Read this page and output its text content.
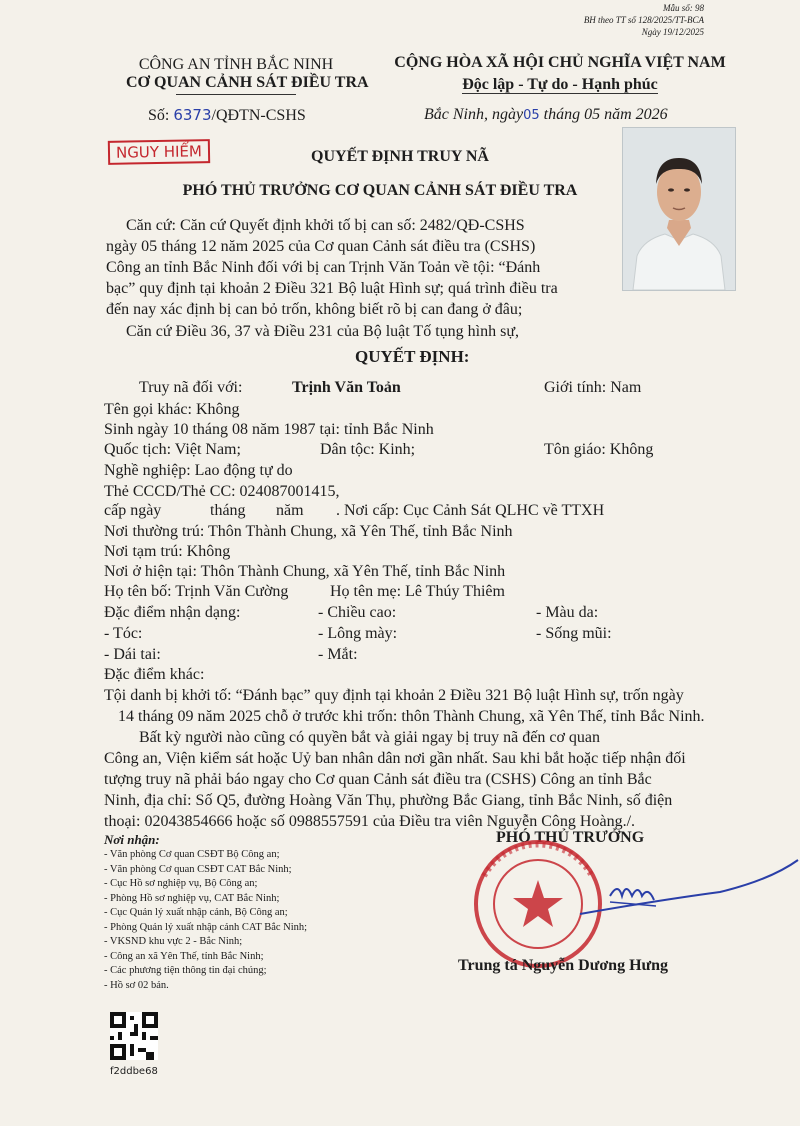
Mẫu số: 98
BH theo TT số 128/2025/TT-BCA
Ngày 19/12/2025
CÔNG AN TỈNH BẮC NINH
CƠ QUAN CẢNH SÁT ĐIỀU TRA
Số: 6373/QĐTN-CSHS
CỘNG HÒA XÃ HỘI CHỦ NGHĨA VIỆT NAM
Độc lập - Tự do - Hạnh phúc
Bắc Ninh, ngày05 tháng 05 năm 2026
NGUY HIỂM	QUYẾT ĐỊNH TRUY NÃ
PHÓ THỦ TRƯỞNG CƠ QUAN CẢNH SÁT ĐIỀU TRA
Căn cứ: Căn cứ Quyết định khởi tố bị can số: 2482/QĐ-CSHS
ngày 05 tháng 12 năm 2025 của Cơ quan Cảnh sát điều tra (CSHS)
Công an tỉnh Bắc Ninh đối với bị can Trịnh Văn Toản về tội: “Đánh
bạc” quy định tại khoản 2 Điều 321 Bộ luật Hình sự; quá trình điều tra
đến nay xác định bị can bỏ trốn, không biết rõ bị can đang ở đâu;
Căn cứ Điều 36, 37 và Điều 231 của Bộ luật Tố tụng hình sự,
QUYẾT ĐỊNH:
Truy nã đối với:	Trịnh Văn Toản	Giới tính: Nam
Tên gọi khác: Không
Sinh ngày 10 tháng 08 năm 1987 tại: tỉnh Bắc Ninh
Quốc tịch: Việt Nam;	Dân tộc: Kinh;	Tôn giáo: Không
Nghề nghiệp: Lao động tự do
Thẻ CCCD/Thẻ CC: 024087001415,
cấp ngày	tháng năm . Nơi cấp: Cục Cảnh Sát QLHC về TTXH
Nơi thường trú: Thôn Thành Chung, xã Yên Thế, tỉnh Bắc Ninh
Nơi tạm trú: Không
Nơi ở hiện tại: Thôn Thành Chung, xã Yên Thế, tỉnh Bắc Ninh
Họ tên bố: Trịnh Văn Cường	Họ tên mẹ: Lê Thúy Thiêm
Đặc điểm nhận dạng:	- Chiều cao:	- Màu da:
- Tóc:	- Lông mày:	- Sống mũi:
- Dái tai:	- Mắt:
Đặc điểm khác:
Tội danh bị khởi tố: “Đánh bạc” quy định tại khoản 2 Điều 321 Bộ luật Hình sự, trốn ngày
14 tháng 09 năm 2025 chỗ ở trước khi trốn: thôn Thành Chung, xã Yên Thế, tỉnh Bắc Ninh.
Bất kỳ người nào cũng có quyền bắt và giải ngay bị truy nã đến cơ quan
Công an, Viện kiểm sát hoặc Uỷ ban nhân dân nơi gần nhất. Sau khi bắt hoặc tiếp nhận đối
tượng truy nã phải báo ngay cho Cơ quan Cảnh sát điều tra (CSHS) Công an tỉnh Bắc
Ninh, địa chỉ: Số Q5, đường Hoàng Văn Thụ, phường Bắc Giang, tỉnh Bắc Ninh, số điện
thoại: 02043854666 hoặc số 0988557591 của Điều tra viên Nguyễn Công Hoàng./.
Nơi nhận:
- Văn phòng Cơ quan CSĐT Bộ Công an;
- Văn phòng Cơ quan CSĐT CAT Bắc Ninh;
- Cục Hồ sơ nghiệp vụ, Bộ Công an;
- Phòng Hồ sơ nghiệp vụ, CAT Bắc Ninh;
- Cục Quản lý xuất nhập cảnh, Bộ Công an;
- Phòng Quản lý xuất nhập cảnh CAT Bắc Ninh;
- VKSND khu vực 2 - Bắc Ninh;
- Công an xã Yên Thế, tỉnh Bắc Ninh;
- Các phương tiện thông tin đại chúng;
- Hồ sơ 02 bản.
PHÓ THỦ TRƯỞNG
Trung tá Nguyễn Dương Hưng
f2ddbe68
